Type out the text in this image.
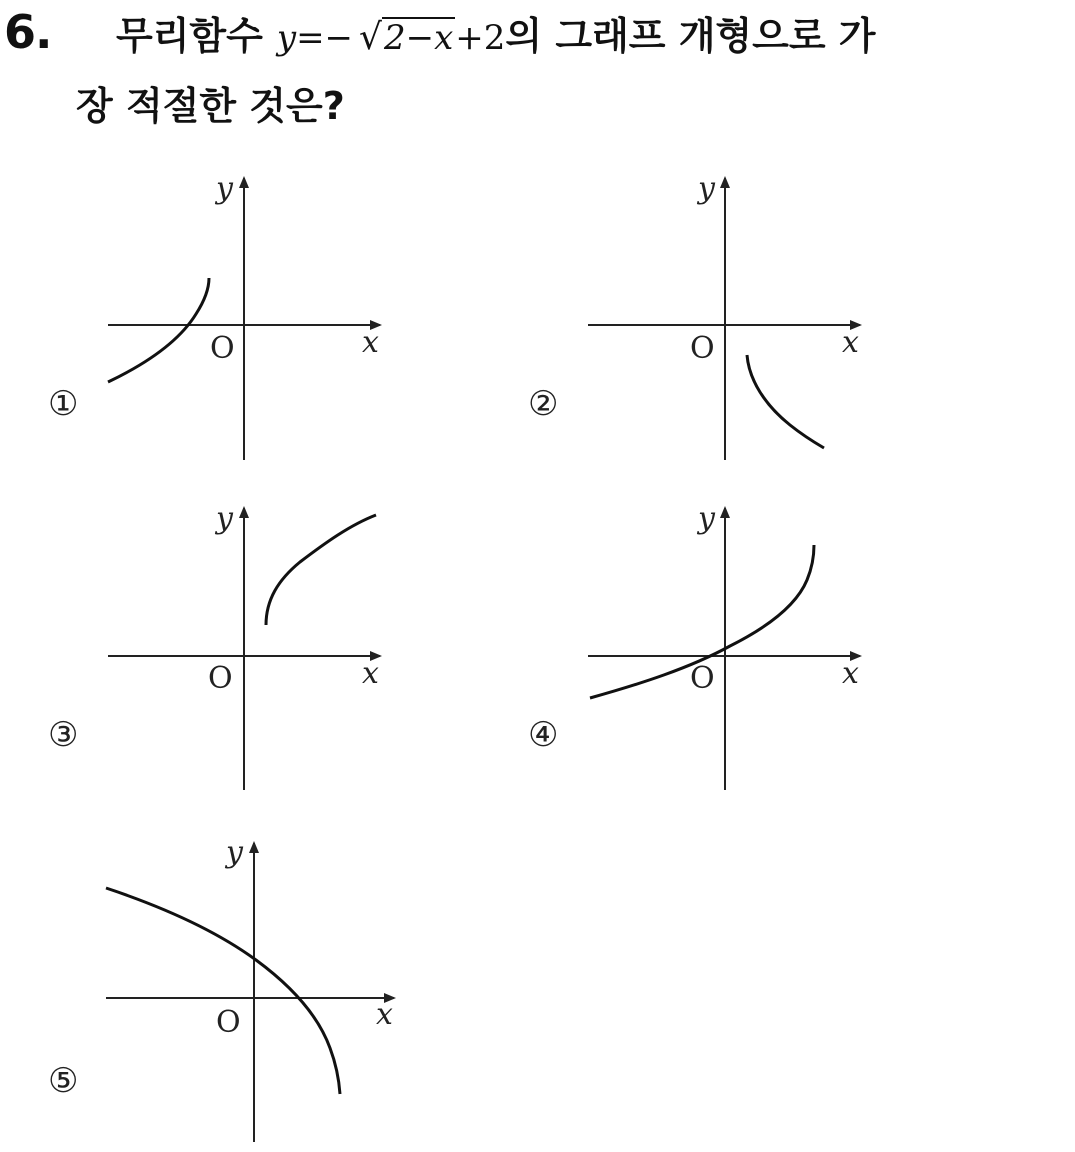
6. 무리함수 y=− √2−x+2의 그래프 개형으로 가
장 적절한 것은?
①
y
x
O
②
y
x
O
③
y
x
O
④
y
x
O
⑤
y
x
O
